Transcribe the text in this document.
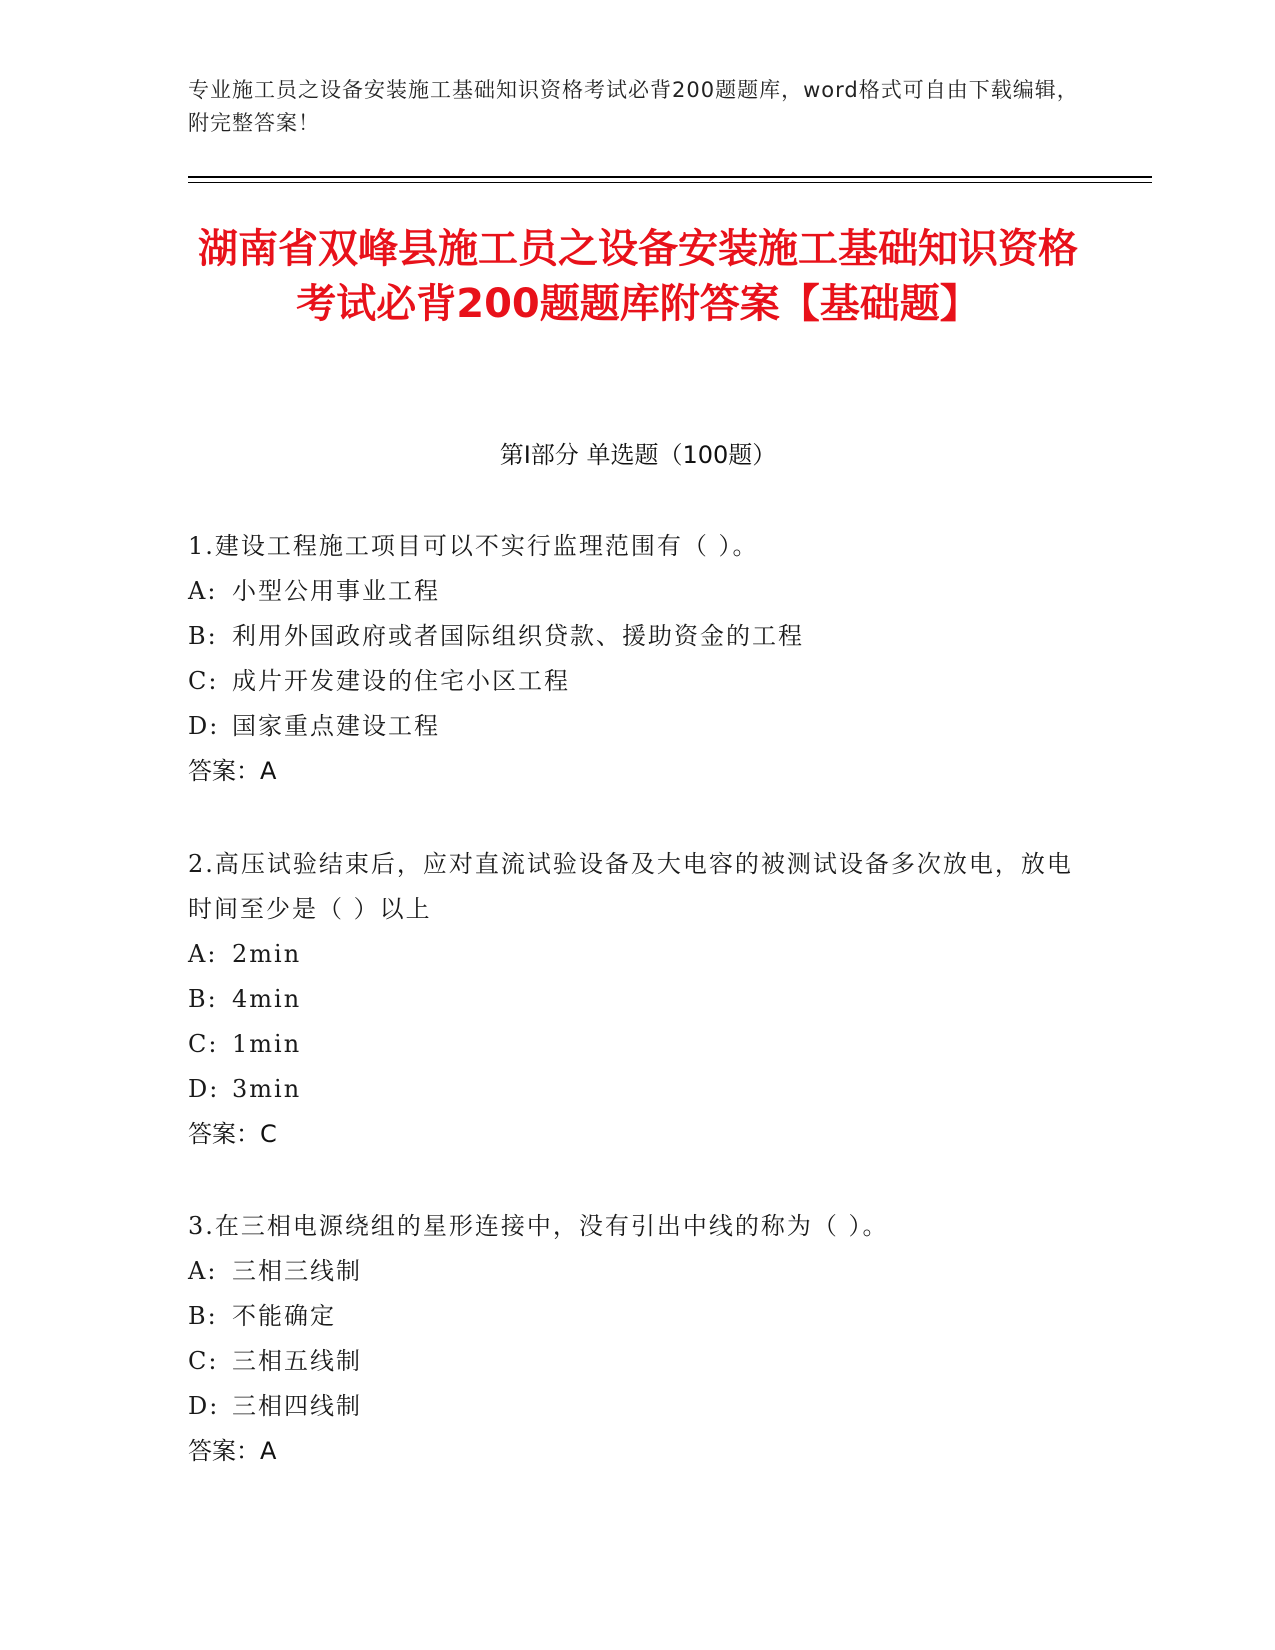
专业施工员之设备安装施工基础知识资格考试必背200题题库，word格式可自由下载编辑，附完整答案！
湖南省双峰县施工员之设备安装施工基础知识资格考试必背200题题库附答案【基础题】
第Ⅰ部分 单选题（100题）

1.建设工程施工项目可以不实行监理范围有（ ）。

A: 小型公用事业工程

B: 利用外国政府或者国际组织贷款、援助资金的工程

C: 成片开发建设的住宅小区工程

D: 国家重点建设工程

答案：A

2.高压试验结束后，应对直流试验设备及大电容的被测试设备多次放电，放电时间至少是（ ）以上

A: 2min

B: 4min

C: 1min

D: 3min

答案：C

3.在三相电源绕组的星形连接中，没有引出中线的称为（ ）。

A: 三相三线制

B: 不能确定

C: 三相五线制

D: 三相四线制

答案：A
